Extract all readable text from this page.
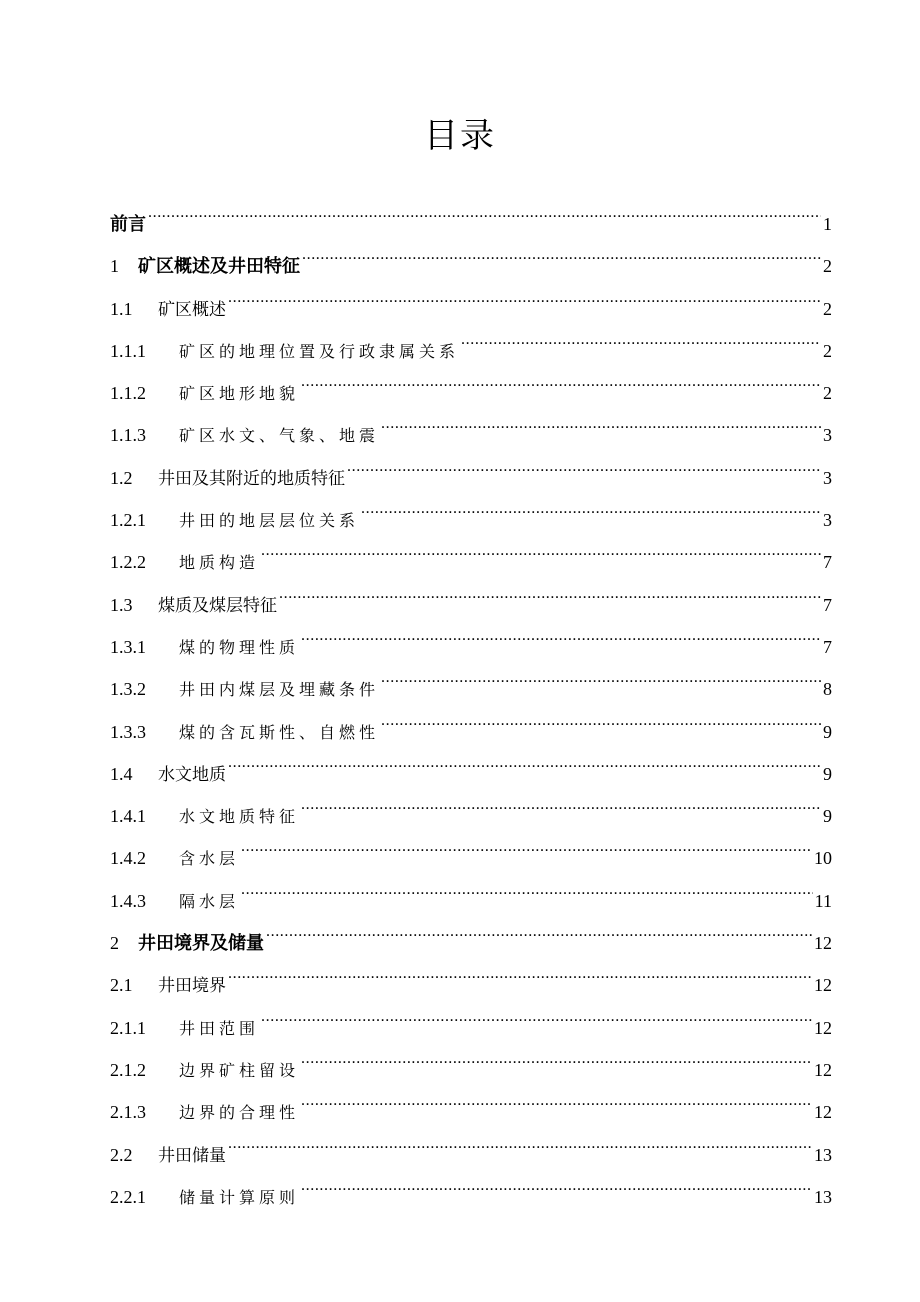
目录
前言 .....	1
1	矿区概述及井田特征 .....	2
1.1	矿区概述 .....	2
1.1.1	矿区的地理位置及行政隶属关系 .....	2
1.1.2	矿区地形地貌 .....	2
1.1.3	矿区水文、气象、地震 .....	3
1.2	井田及其附近的地质特征 .....	3
1.2.1	井田的地层层位关系 .....	3
1.2.2	地质构造 .....	7
1.3	煤质及煤层特征 .....	7
1.3.1	煤的物理性质 .....	7
1.3.2	井田内煤层及埋藏条件 .....	8
1.3.3	煤的含瓦斯性、自燃性 .....	9
1.4	水文地质 .....	9
1.4.1	水文地质特征 .....	9
1.4.2	含水层 .....	10
1.4.3	隔水层 .....	11
2	井田境界及储量 .....	12
2.1	井田境界 .....	12
2.1.1	井田范围 .....	12
2.1.2	边界矿柱留设 .....	12
2.1.3	边界的合理性 .....	12
2.2	井田储量 .....	13
2.2.1	储量计算原则 .....	13
